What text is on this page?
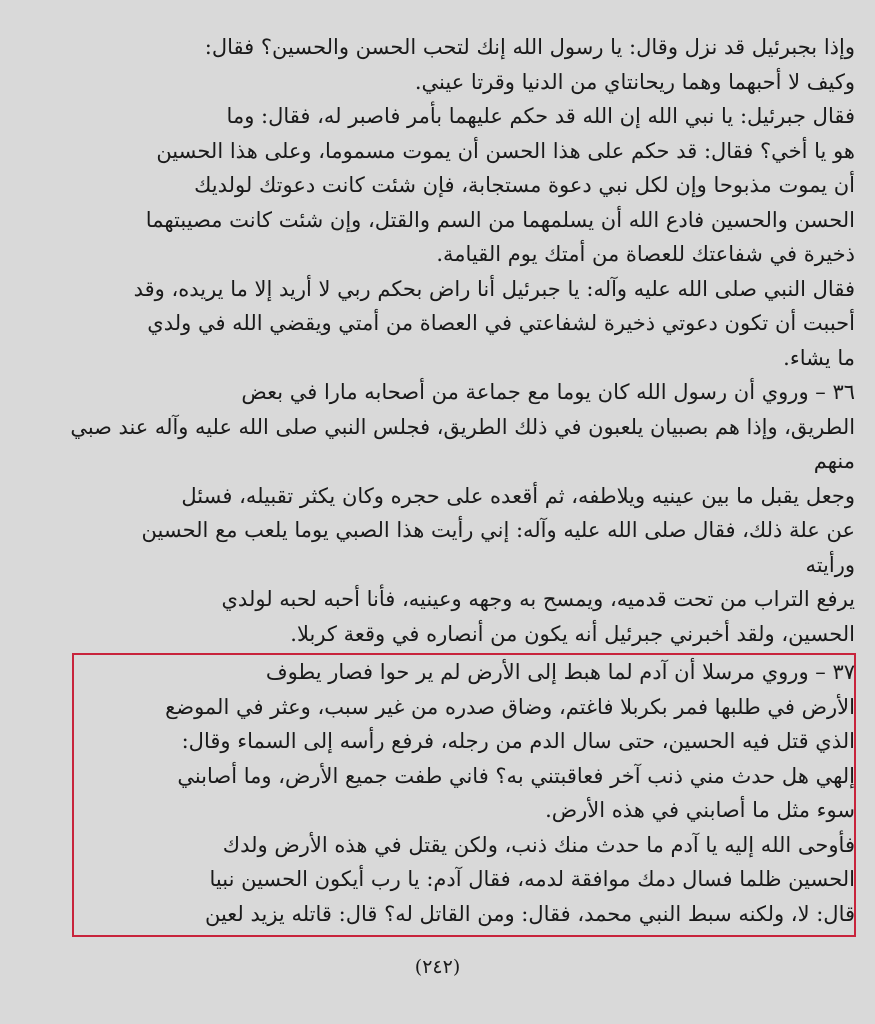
وإذا بجبرئيل قد نزل وقال: يا رسول الله إنك لتحب الحسن والحسين؟ فقال:
وكيف لا أحبهما وهما ريحانتاي من الدنيا وقرتا عيني.
فقال جبرئيل: يا نبي الله إن الله قد حكم عليهما بأمر فاصبر له، فقال: وما
هو يا أخي؟ فقال: قد حكم على هذا الحسن أن يموت مسموما، وعلى هذا الحسين
أن يموت مذبوحا وإن لكل نبي دعوة مستجابة، فإن شئت كانت دعوتك لولديك
الحسن والحسين فادع الله أن يسلمهما من السم والقتل، وإن شئت كانت مصيبتهما
ذخيرة في شفاعتك للعصاة من أمتك يوم القيامة.
فقال النبي صلى الله عليه وآله: يا جبرئيل أنا راض بحكم ربي لا أريد إلا ما يريده، وقد
أحببت أن تكون دعوتي ذخيرة لشفاعتي في العصاة من أمتي ويقضي الله في ولدي
ما يشاء.
٣٦ – وروي أن رسول الله كان يوما مع جماعة من أصحابه مارا في بعض
الطريق، وإذا هم بصبيان يلعبون في ذلك الطريق، فجلس النبي صلى الله عليه وآله عند صبي
منهم
وجعل يقبل ما بين عينيه ويلاطفه، ثم أقعده على حجره وكان يكثر تقبيله، فسئل
عن علة ذلك، فقال صلى الله عليه وآله: إني رأيت هذا الصبي يوما يلعب مع الحسين
ورأيته
يرفع التراب من تحت قدميه، ويمسح به وجهه وعينيه، فأنا أحبه لحبه لولدي
الحسين، ولقد أخبرني جبرئيل أنه يكون من أنصاره في وقعة كربلا.
٣٧ – وروي مرسلا أن آدم لما هبط إلى الأرض لم ير حوا فصار يطوف
الأرض في طلبها فمر بكربلا فاغتم، وضاق صدره من غير سبب، وعثر في الموضع
الذي قتل فيه الحسين، حتى سال الدم من رجله، فرفع رأسه إلى السماء وقال:
إلهي هل حدث مني ذنب آخر فعاقبتني به؟ فاني طفت جميع الأرض، وما أصابني
سوء مثل ما أصابني في هذه الأرض.
فأوحى الله إليه يا آدم ما حدث منك ذنب، ولكن يقتل في هذه الأرض ولدك
الحسين ظلما فسال دمك موافقة لدمه، فقال آدم: يا رب أيكون الحسين نبيا
قال: لا، ولكنه سبط النبي محمد، فقال: ومن القاتل له؟ قال: قاتله يزيد لعين
(٢٤٢)
